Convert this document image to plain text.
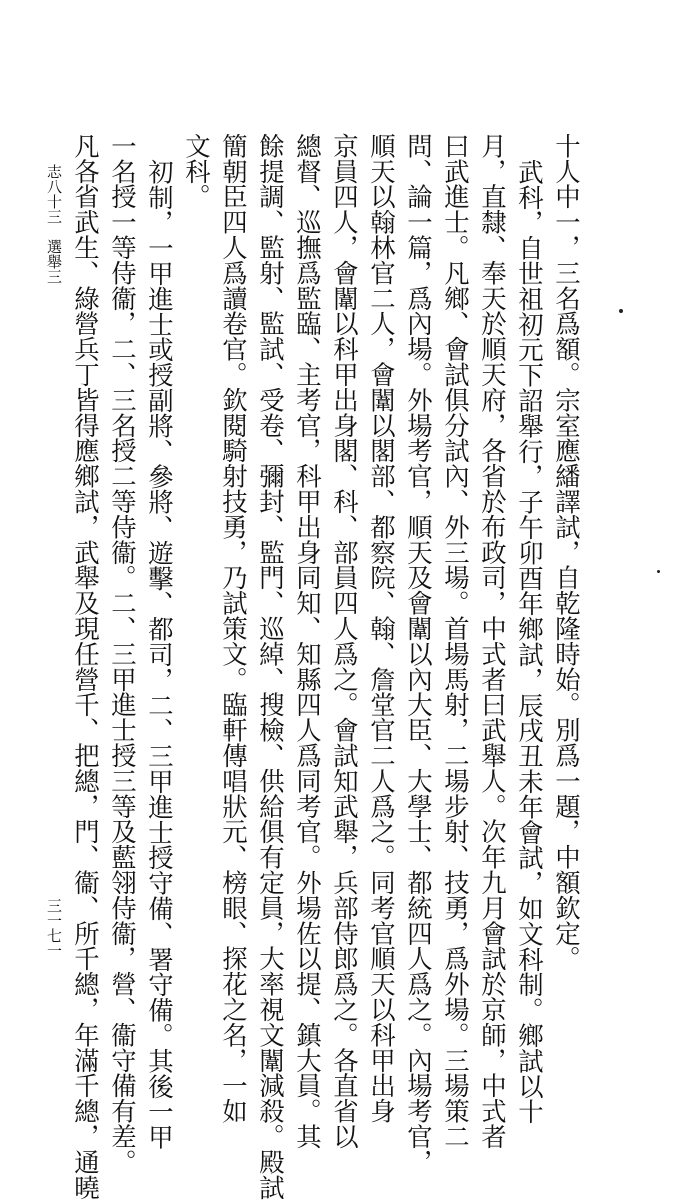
十人中一，三名爲額。宗室應繙譯試，自乾隆時始。別爲一題，中額欽定。
武科，自世祖初元下詔舉行，子午卯酉年鄉試，辰戌丑未年會試，如文科制。鄉試以十
月，直隸、奉天於順天府，各省於布政司，中式者曰武舉人。次年九月會試於京師，中式者
曰武進士。凡鄉、會試俱分試內、外三場。首場馬射，二場步射、技勇，爲外場。三場策二
問、論一篇，爲內場。外場考官，順天及會闈以內大臣、大學士、都統四人爲之。內場考官，
順天以翰林官二人，會闈以閣部、都察院、翰、詹堂官二人爲之。同考官順天以科甲出身
京員四人，會闈以科甲出身閣、科、部員四人爲之。會試知武舉，兵部侍郎爲之。各直省以
總督、巡撫爲監臨、主考官，科甲出身同知、知縣四人爲同考官。外場佐以提、鎮大員。其
餘提調、監射、監試、受卷、彌封、監門、巡綽、搜檢、供給俱有定員，大率視文闈減殺。殿試
簡朝臣四人爲讀卷官。欽閱騎射技勇，乃試策文。臨軒傳唱狀元、榜眼、探花之名，一如
文科。
初制，一甲進士或授副將、參將、遊擊、都司，二、三甲進士授守備、署守備。其後一甲
一名授一等侍衞，二、三名授二等侍衞。二、三甲進士授三等及藍翎侍衞，營、衞守備有差。
凡各省武生、綠營兵丁皆得應鄉試，武舉及現任營千、把總，門、衞、所千總，年滿千總，通曉
志八十三　選舉三
三一七一
